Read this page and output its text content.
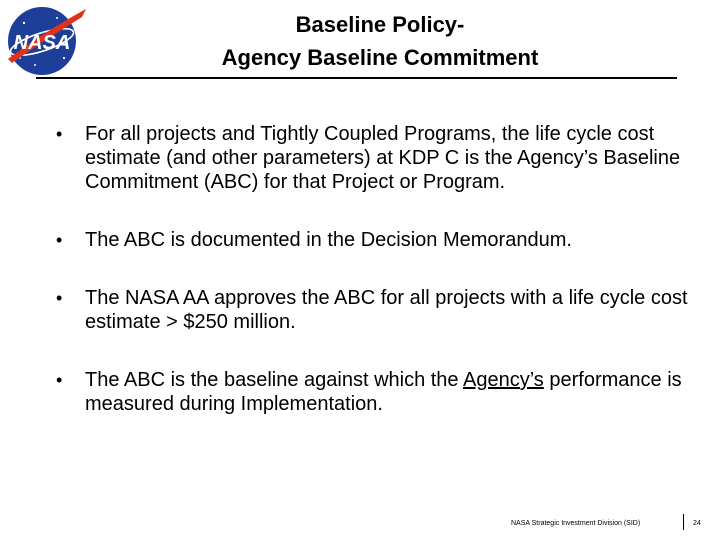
NASA
Baseline Policy-
Agency Baseline Commitment
• For all projects and Tightly Coupled Programs, the life cycle cost estimate (and other parameters) at KDP C is the Agency’s Baseline Commitment (ABC) for that Project or Program.
• The ABC is documented in the Decision Memorandum.
• The NASA AA approves the ABC for all projects with a life cycle cost estimate > $250 million.
• The ABC is the baseline against which the Agency’s performance is measured during Implementation.
NASA Strategic Investment Division (SID)	24
